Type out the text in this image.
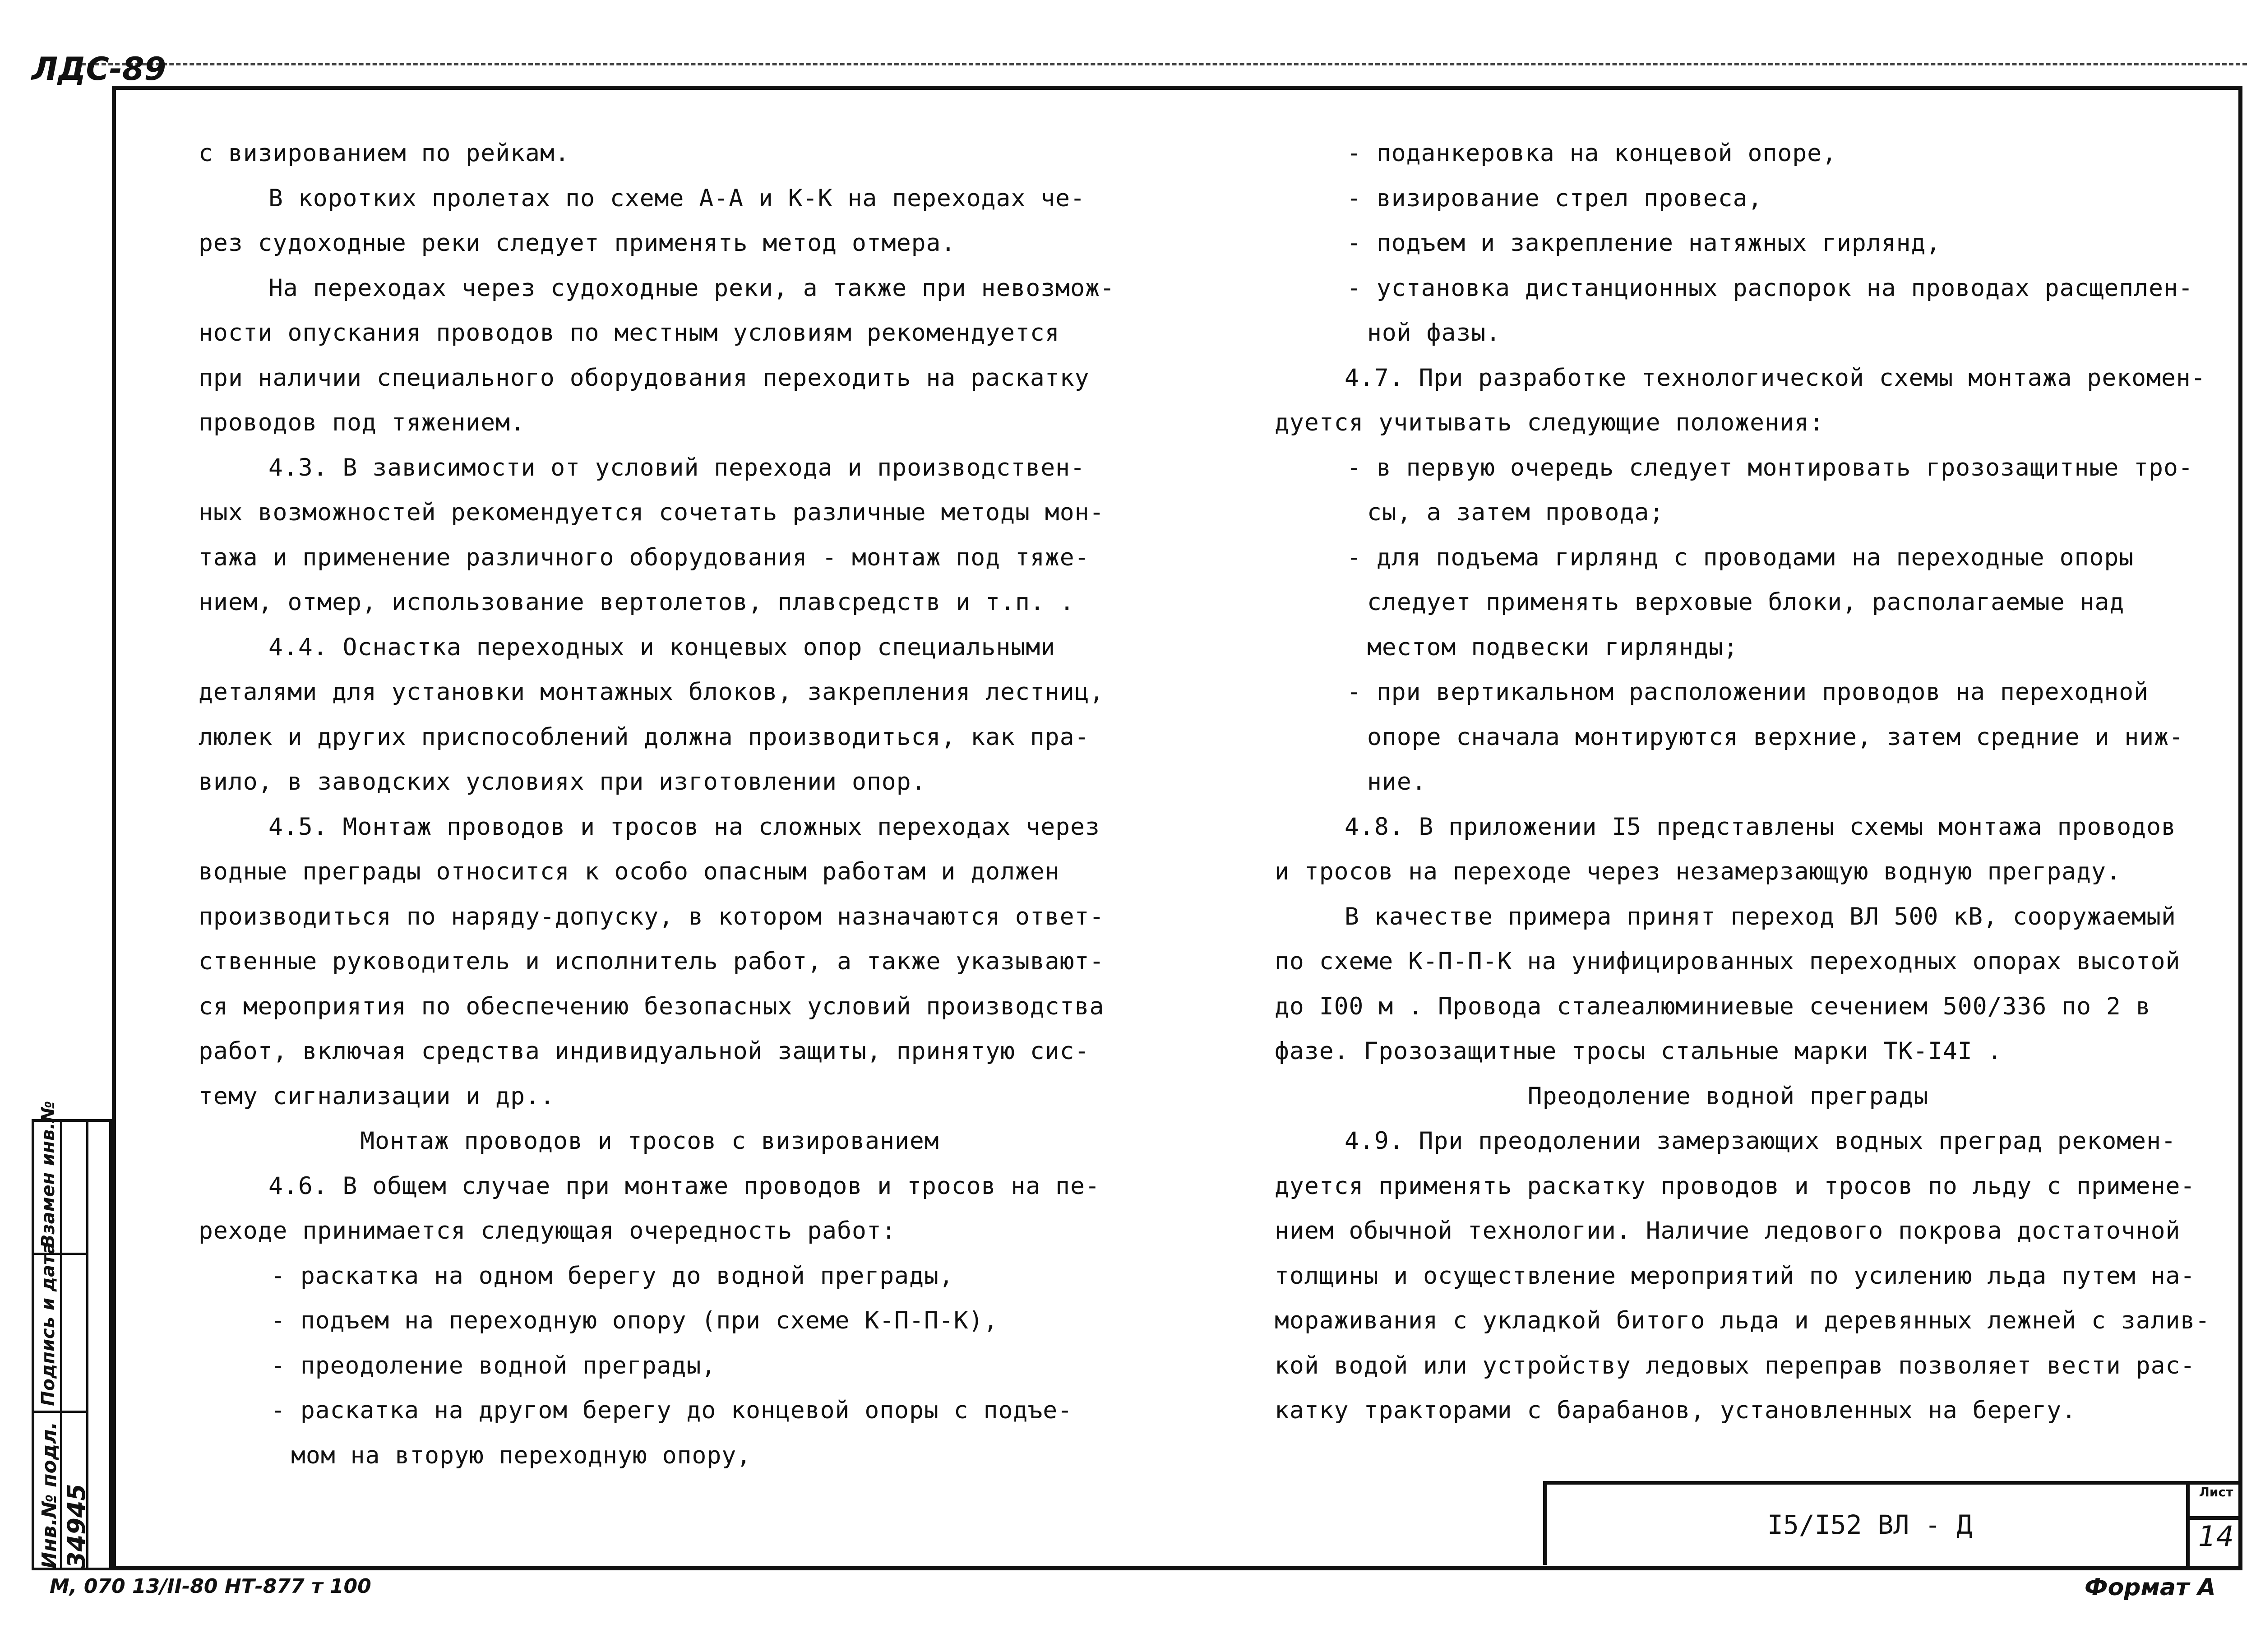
ЛДС-89

с визированием по рейкам.

В коротких пролетах по схеме А-А и К-К на переходах че-

рез судоходные реки следует применять метод отмера.

На переходах через судоходные реки, а также при невозмож-

ности опускания проводов по местным условиям рекомендуется

при наличии специального оборудования переходить на раскатку

проводов под тяжением.

4.3. В зависимости от условий перехода и производствен-

ных возможностей рекомендуется сочетать различные методы мон-

тажа и применение различного оборудования - монтаж под тяже-

нием, отмер, использование вертолетов, плавсредств и т.п. .

4.4. Оснастка переходных и концевых опор специальными

деталями для установки монтажных блоков, закрепления лестниц,

люлек и других приспособлений должна производиться, как пра-

вило, в заводских условиях при изготовлении опор.

4.5. Монтаж проводов и тросов на сложных переходах через

водные преграды относится к особо опасным работам и должен

производиться по наряду-допуску, в котором назначаются ответ-

ственные руководитель и исполнитель работ, а также указывают-

ся мероприятия по обеспечению безопасных условий производства

работ, включая средства индивидуальной защиты, принятую сис-

тему сигнализации и др..

Монтаж проводов и тросов с визированием

4.6. В общем случае при монтаже проводов и тросов на пе-

реходе принимается следующая очередность работ:

- раскатка на одном берегу до водной преграды,

- подъем на переходную опору (при схеме К-П-П-К),

- преодоление водной преграды,

- раскатка на другом берегу до концевой опоры с подъе-

мом на вторую переходную опору,

- поданкеровка на концевой опоре,

- визирование стрел провеса,

- подъем и закрепление натяжных гирлянд,

- установка дистанционных распорок на проводах расщеплен-

ной фазы.

4.7. При разработке технологической схемы монтажа рекомен-

дуется учитывать следующие положения:

- в первую очередь следует монтировать грозозащитные тро-

сы, а затем провода;

- для подъема гирлянд с проводами на переходные опоры

следует применять верховые блоки, располагаемые над

местом подвески гирлянды;

- при вертикальном расположении проводов на переходной

опоре сначала монтируются верхние, затем средние и ниж-

ние.

4.8. В приложении I5 представлены схемы монтажа проводов

и тросов на переходе через незамерзающую водную преграду.

В качестве примера принят переход ВЛ 500 кВ, сооружаемый

по схеме К-П-П-К на унифицированных переходных опорах высотой

до I00 м . Провода сталеалюминиевые сечением 500/336 по 2 в

фазе. Грозозащитные тросы стальные марки ТК-I4I .

Преодоление водной преграды

4.9. При преодолении замерзающих водных преград рекомен-

дуется применять раскатку проводов и тросов по льду с примене-

нием обычной технологии. Наличие ледового покрова достаточной

толщины и осуществление мероприятий по усилению льда путем на-

мораживания с укладкой битого льда и деревянных лежней с залив-

кой водой или устройству ледовых переправ позволяет вести рас-

катку тракторами с барабанов, установленных на берегу.

I5/I52 ВЛ - Д
Лист
14
Инв.№ подл. 34945
Подпись и дата
Взамен инв.№
М, 070 13/II-80 НТ-877 т 100	Формат А
